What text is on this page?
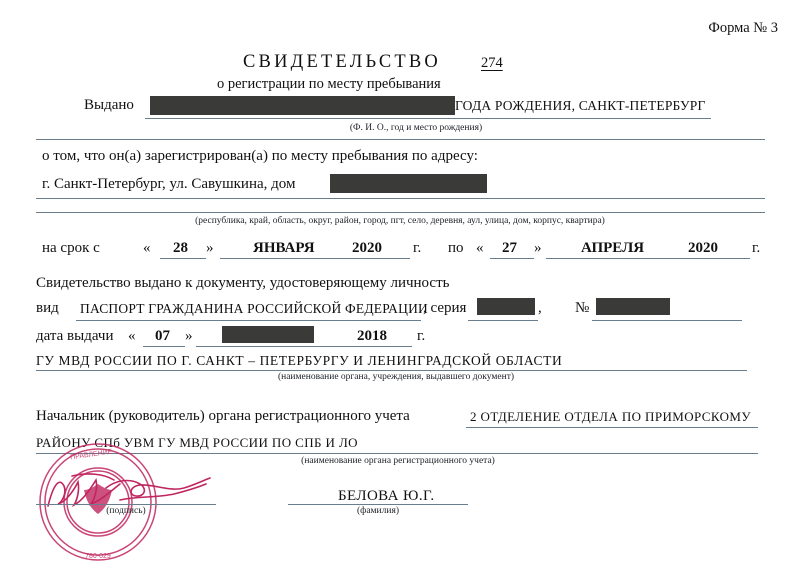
Форма № 3
СВИДЕТЕЛЬСТВО	274
о регистрации по месту пребывания
Выдано	ГОДА РОЖДЕНИЯ, САНКТ-ПЕТЕРБУРГ
(Ф. И. О., год и место рождения)
о том, что он(а) зарегистрирован(а) по месту пребывания по адресу:
г. Санкт-Петербург, ул. Савушкина, дом
(республика, край, область, округ, район, город, пгт, село, деревня, аул, улица, дом, корпус, квартира)
на срок с	« 28 »	ЯНВАРЯ 2020 г. по « 27 »	АПРЕЛЯ	2020 г.
Свидетельство выдано к документу, удостоверяющему личность
вид ПАСПОРТ ГРАЖДАНИНА РОССИЙСКОЙ ФЕДЕРАЦИИ
, серия	, №
дата выдачи « 07 »	2018 г.
ГУ МВД РОССИИ ПО Г. САНКТ – ПЕТЕРБУРГУ И ЛЕНИНГРАДСКОЙ ОБЛАСТИ
(наименование органа, учреждения, выдавшего документ)
Начальник (руководитель) органа регистрационного учета	2 ОТДЕЛЕНИЕ ОТДЕЛА ПО ПРИМОРСКОМУ
РАЙОНУ СПб УВМ ГУ МВД РОССИИ ПО СПБ И ЛО
(наименование органа регистрационного учета)
ПРАВЛЕНИЕ
780-029
(подпись)
БЕЛОВА Ю.Г.
(фамилия)
